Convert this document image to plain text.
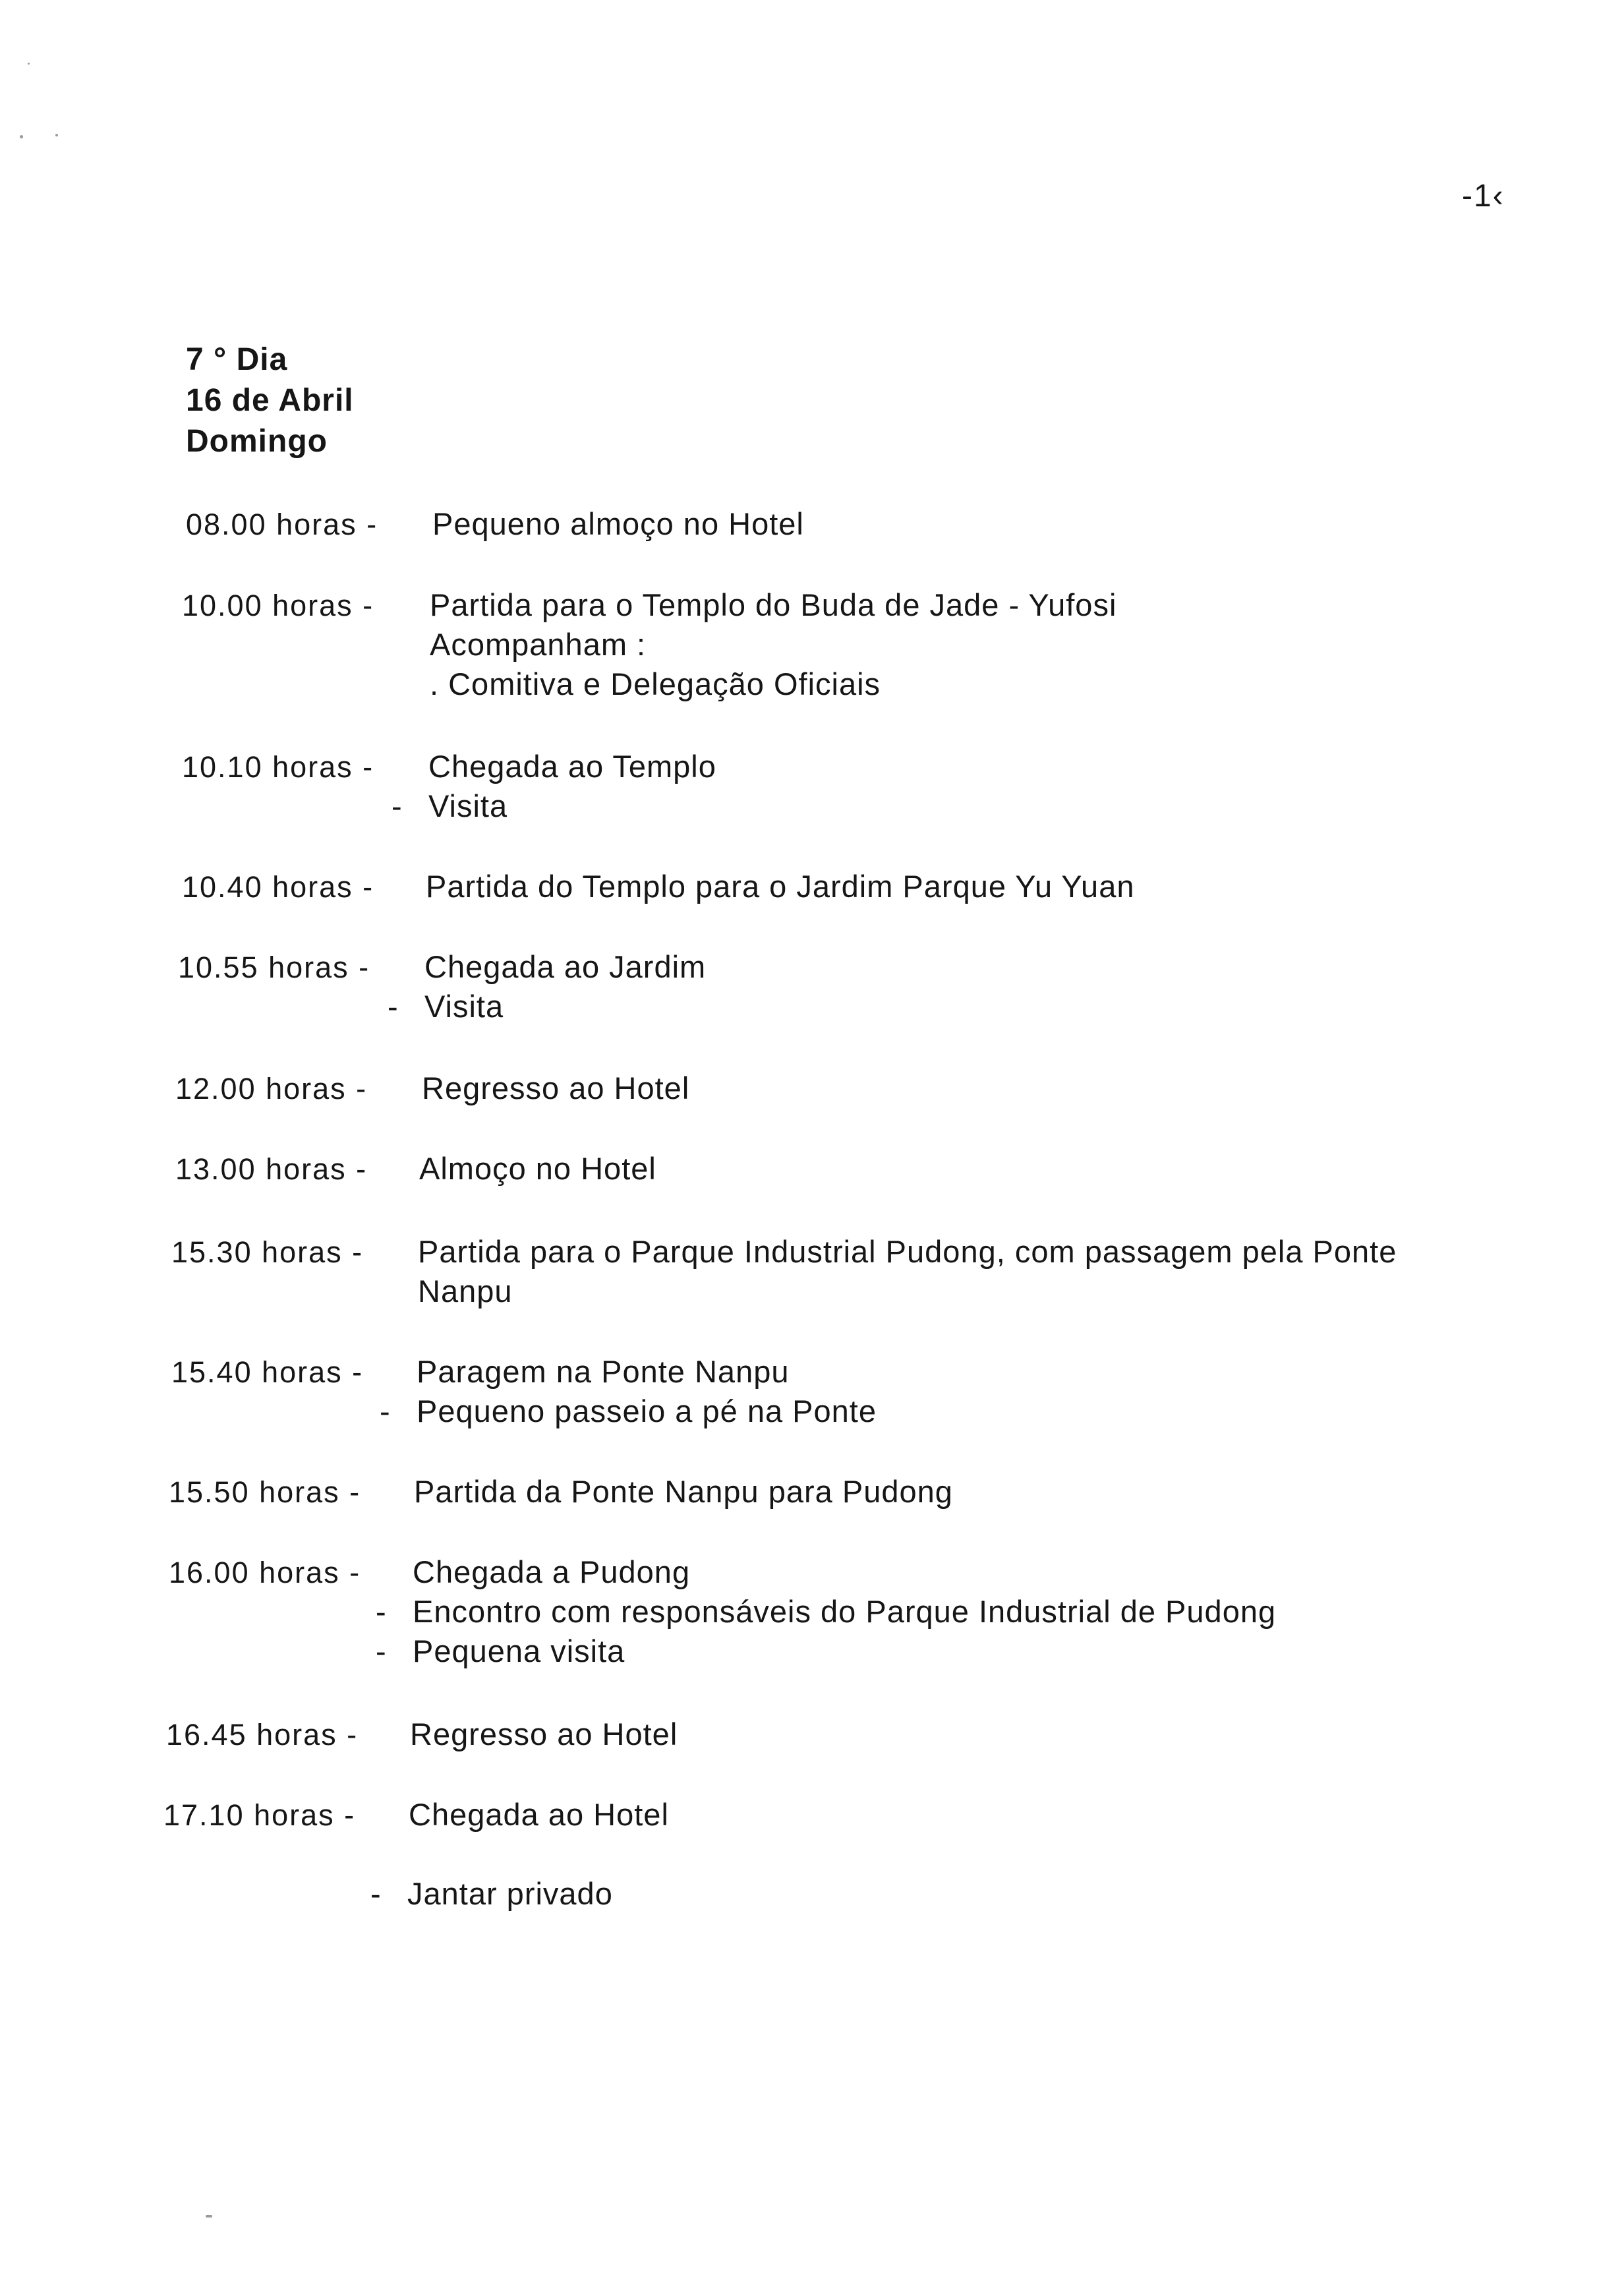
-1‹
7 ° Dia
16 de Abril
Domingo
08.00 horas - Pequeno almoço no Hotel
10.00 horas - Partida para o Templo do Buda de Jade - Yufosi
Acompanham :
. Comitiva e Delegação Oficiais
10.10 horas - Chegada ao Templo
- Visita
10.40 horas - Partida do Templo para o Jardim Parque Yu Yuan
10.55 horas - Chegada ao Jardim
- Visita
12.00 horas - Regresso ao Hotel
13.00 horas - Almoço no Hotel
15.30 horas - Partida para o Parque Industrial Pudong, com passagem pela Ponte
Nanpu
15.40 horas - Paragem na Ponte Nanpu
- Pequeno passeio a pé na Ponte
15.50 horas - Partida da Ponte Nanpu para Pudong
16.00 horas - Chegada a Pudong
- Encontro com responsáveis do Parque Industrial de Pudong
- Pequena visita
16.45 horas - Regresso ao Hotel
17.10 horas - Chegada ao Hotel
- Jantar privado
